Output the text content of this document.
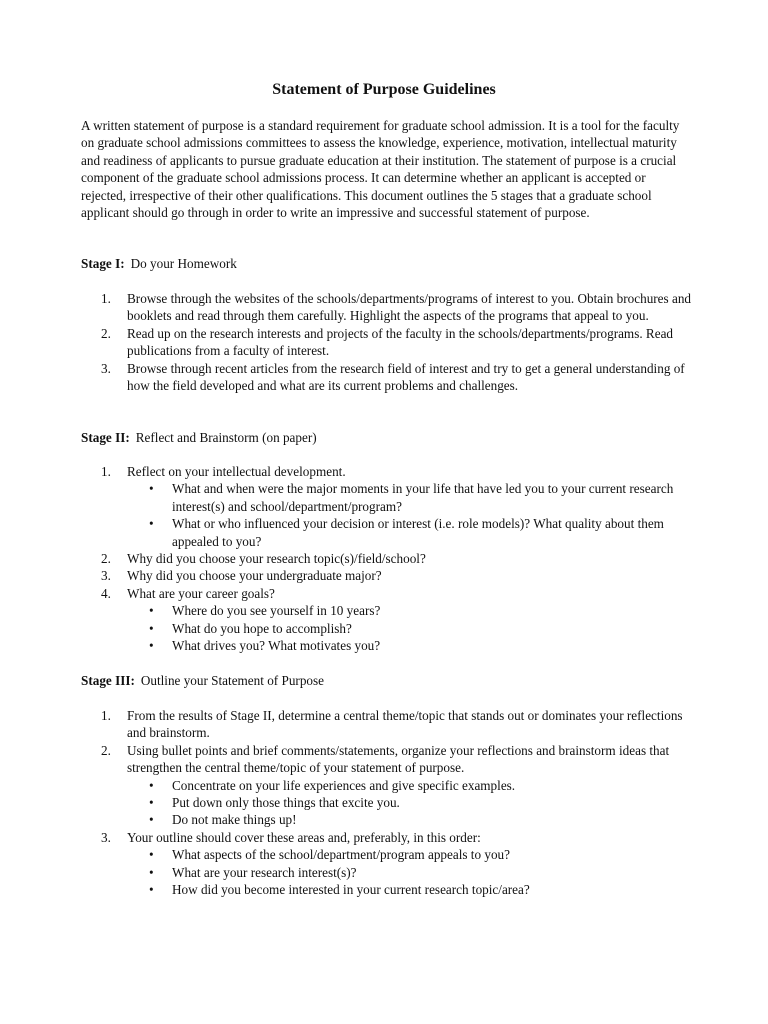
Statement of Purpose Guidelines

A written statement of purpose is a standard requirement for graduate school admission. It is a tool for the faculty on graduate school admissions committees to assess the knowledge, experience, motivation, intellectual maturity and readiness of applicants to pursue graduate education at their institution. The statement of purpose is a crucial component of the graduate school admissions process. It can determine whether an applicant is accepted or rejected, irrespective of their other qualifications. This document outlines the 5 stages that a graduate school applicant should go through in order to write an impressive and successful statement of purpose.

Stage I: Do your Homework

1.	Browse through the websites of the schools/departments/programs of interest to you. Obtain brochures and booklets and read through them carefully. Highlight the aspects of the programs that appeal to you.
2.	Read up on the research interests and projects of the faculty in the schools/departments/programs. Read publications from a faculty of interest.
3.	Browse through recent articles from the research field of interest and try to get a general understanding of how the field developed and what are its current problems and challenges.

Stage II: Reflect and Brainstorm (on paper)

1.	Reflect on your intellectual development.
• What and when were the major moments in your life that have led you to your current research interest(s) and school/department/program?
• What or who influenced your decision or interest (i.e. role models)? What quality about them appealed to you?
2.	Why did you choose your research topic(s)/field/school?
3.	Why did you choose your undergraduate major?
4.	What are your career goals?
• Where do you see yourself in 10 years?
• What do you hope to accomplish?
• What drives you? What motivates you?

Stage III: Outline your Statement of Purpose

1.	From the results of Stage II, determine a central theme/topic that stands out or dominates your reflections and brainstorm.
2.	Using bullet points and brief comments/statements, organize your reflections and brainstorm ideas that strengthen the central theme/topic of your statement of purpose.
• Concentrate on your life experiences and give specific examples.
• Put down only those things that excite you.
• Do not make things up!
3.	Your outline should cover these areas and, preferably, in this order:
• What aspects of the school/department/program appeals to you?
• What are your research interest(s)?
• How did you become interested in your current research topic/area?
